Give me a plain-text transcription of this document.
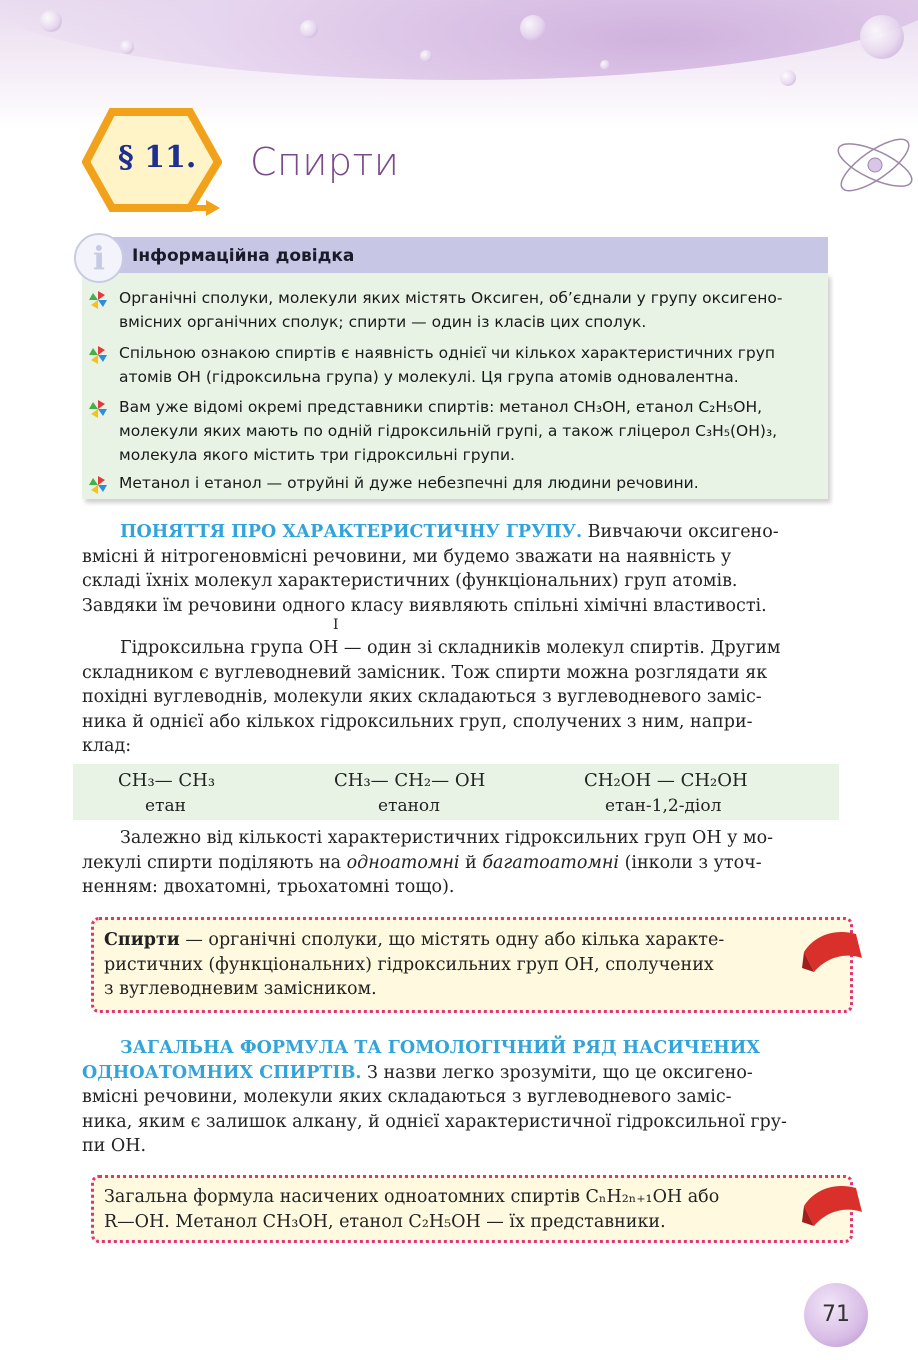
§ 11. Спирти
i	Інформаційна довідка
Органічні сполуки, молекули яких містять Оксиген, об’єднали у групу оксигено-
вмісних органічних сполук; спирти — один із класів цих сполук.
Спільною ознакою спиртів є наявність однієї чи кількох характеристичних груп
атомів OH (гідроксильна група) у молекулі. Ця група атомів одновалентна.
Вам уже відомі окремі представники спиртів: метанол CH₃OH, етанол C₂H₅OH,
молекули яких мають по одній гідроксильній групі, а також гліцерол C₃H₅(OH)₃,
молекула якого містить три гідроксильні групи.
Метанол і етанол — отруйні й дуже небезпечні для людини речовини.
ПОНЯТТЯ ПРО ХАРАКТЕРИСТИЧНУ ГРУПУ. Вивчаючи оксигено-
вмісні й нітрогеновмісні речовини, ми будемо зважати на наявність у
складі їхніх молекул характеристичних (функціональних) груп атомів.
Завдяки їм речовини одного класу виявляють спільні хімічні властивості.
I
Гідроксильна група OH — один зі складників молекул спиртів. Другим
складником є вуглеводневий замісник. Тож спирти можна розглядати як
похідні вуглеводнів, молекули яких складаються з вуглеводневого заміс-
ника й однієї або кількох гідроксильних груп, сполучених з ним, напри-
клад:
CH₃— CH₃
етан
CH₃— CH₂— OH
етанол
CH₂OH — CH₂OH
етан-1,2-діол
Залежно від кількості характеристичних гідроксильних груп OH у мо-
лекулі спирти поділяють на одноатомні й багатоатомні (інколи з уточ-
ненням: двохатомні, трьохатомні тощо).
Спирти — органічні сполуки, що містять одну або кілька характе-
ристичних (функціональних) гідроксильних груп OH, сполучених
з вуглеводневим замісником.
ЗАГАЛЬНА ФОРМУЛА ТА ГОМОЛОГІЧНИЙ РЯД НАСИЧЕНИХ
ОДНОАТОМНИХ СПИРТІВ. З назви легко зрозуміти, що це оксигено-
вмісні речовини, молекули яких складаються з вуглеводневого заміс-
ника, яким є залишок алкану, й однієї характеристичної гідроксильної гру-
пи OH.
Загальна формула насичених одноатомних спиртів CₙH₂ₙ₊₁OH або
R—OH. Метанол CH₃OH, етанол C₂H₅OH — їх представники.
71
